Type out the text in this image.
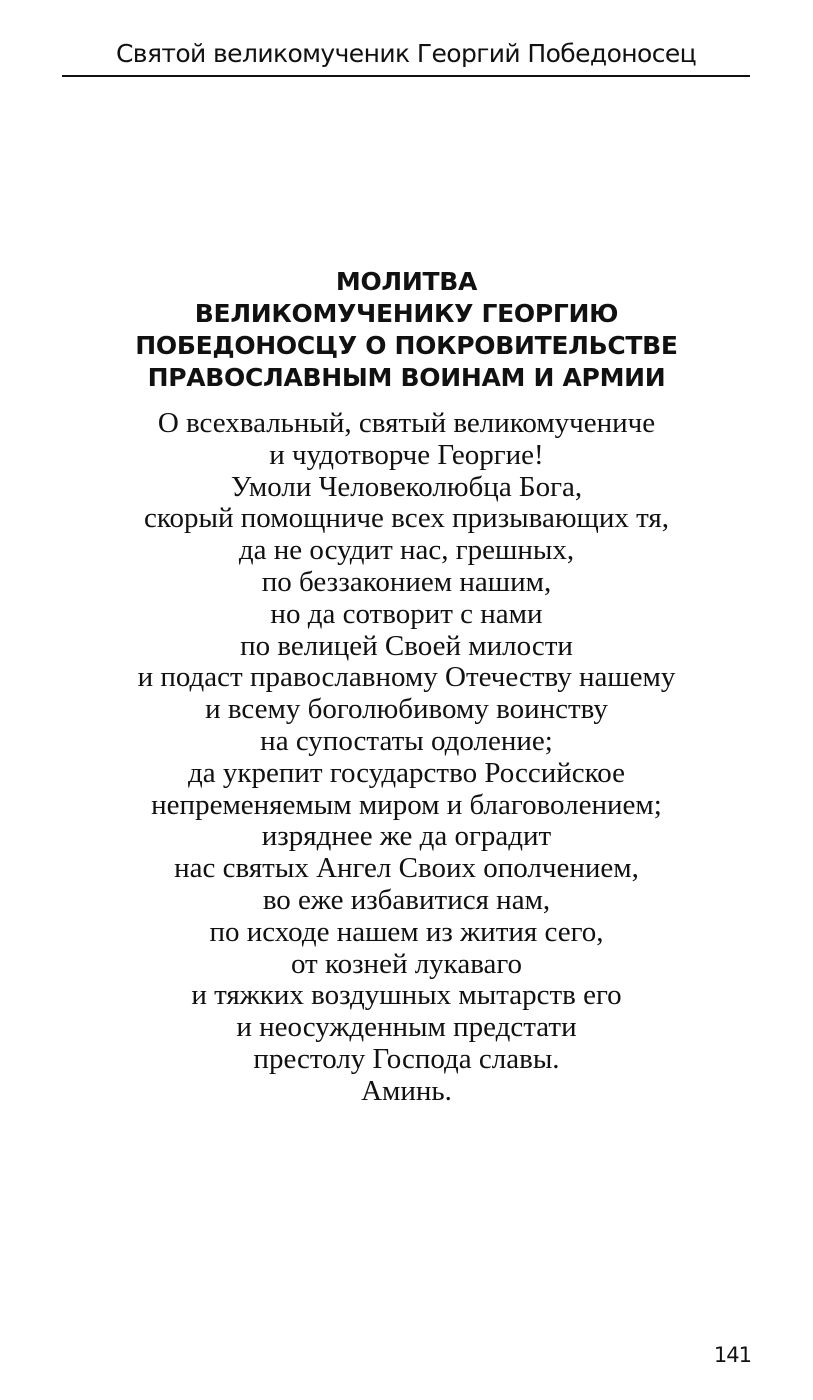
Святой великомученик Георгий Победоносец
МОЛИТВА
ВЕЛИКОМУЧЕНИКУ ГЕОРГИЮ
ПОБЕДОНОСЦУ О ПОКРОВИТЕЛЬСТВЕ
ПРАВОСЛАВНЫМ ВОИНАМ И АРМИИ
О всехвальный, святый великомучениче
и чудотворче Георгие!
Умоли Человеколюбца Бога,
скорый помощниче всех призывающих тя,
да не осудит нас, грешных,
по беззаконием нашим,
но да сотворит с нами
по велицей Своей милости
и подаст православному Отечеству нашему
и всему боголюбивому воинству
на супостаты одоление;
да укрепит государство Российское
непременяемым миром и благоволением;
изряднее же да оградит
нас святых Ангел Своих ополчением,
во еже избавитися нам,
по исходе нашем из жития сего,
от козней лукаваго
и тяжких воздушных мытарств его
и неосужденным предстати
престолу Господа славы.
Аминь.
141
